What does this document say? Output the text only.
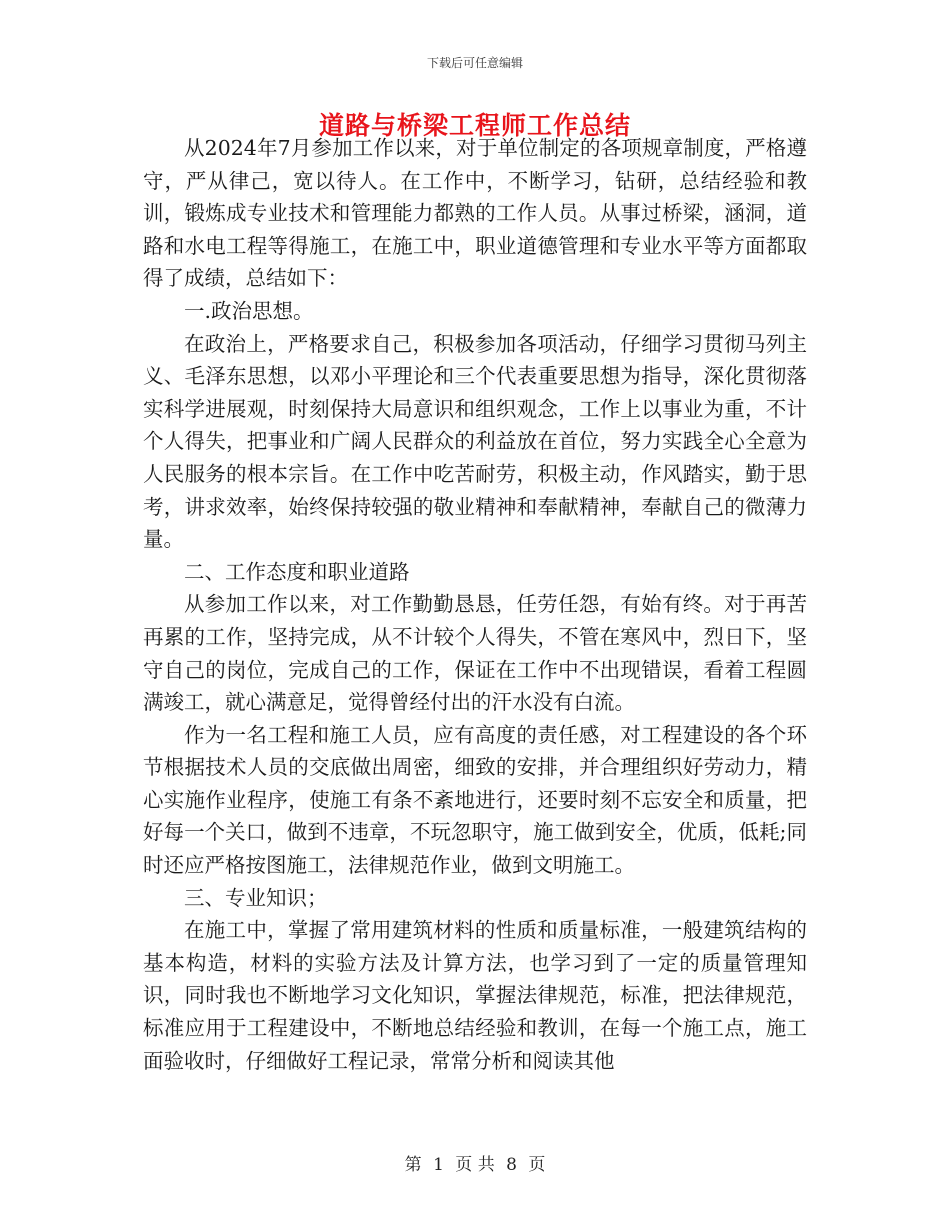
下载后可任意编辑
道路与桥梁工程师工作总结

从2024年7月参加工作以来，对于单位制定的各项规章制度，严格遵守，严从律己，宽以待人。在工作中，不断学习，钻研，总结经验和教训，锻炼成专业技术和管理能力都熟的工作人员。从事过桥梁，涵洞，道路和水电工程等得施工，在施工中，职业道德管理和专业水平等方面都取得了成绩，总结如下：

一.政治思想。

在政治上，严格要求自己，积极参加各项活动，仔细学习贯彻马列主义、毛泽东思想，以邓小平理论和三个代表重要思想为指导，深化贯彻落实科学进展观，时刻保持大局意识和组织观念，工作上以事业为重，不计个人得失，把事业和广阔人民群众的利益放在首位，努力实践全心全意为人民服务的根本宗旨。在工作中吃苦耐劳，积极主动，作风踏实，勤于思考，讲求效率，始终保持较强的敬业精神和奉献精神，奉献自己的微薄力量。

二、工作态度和职业道路

从参加工作以来，对工作勤勤恳恳，任劳任怨，有始有终。对于再苦再累的工作，坚持完成，从不计较个人得失，不管在寒风中，烈日下，坚守自己的岗位，完成自己的工作，保证在工作中不出现错误，看着工程圆满竣工，就心满意足，觉得曾经付出的汗水没有白流。

作为一名工程和施工人员，应有高度的责任感，对工程建设的各个环节根据技术人员的交底做出周密，细致的安排，并合理组织好劳动力，精心实施作业程序，使施工有条不紊地进行，还要时刻不忘安全和质量，把好每一个关口，做到不违章，不玩忽职守，施工做到安全，优质，低耗;同时还应严格按图施工，法律规范作业，做到文明施工。

三、专业知识；

在施工中，掌握了常用建筑材料的性质和质量标准，一般建筑结构的基本构造，材料的实验方法及计算方法，也学习到了一定的质量管理知识，同时我也不断地学习文化知识，掌握法律规范，标准，把法律规范，标准应用于工程建设中，不断地总结经验和教训，在每一个施工点，施工面验收时，仔细做好工程记录，常常分析和阅读其他

第 1 页 共 8 页
